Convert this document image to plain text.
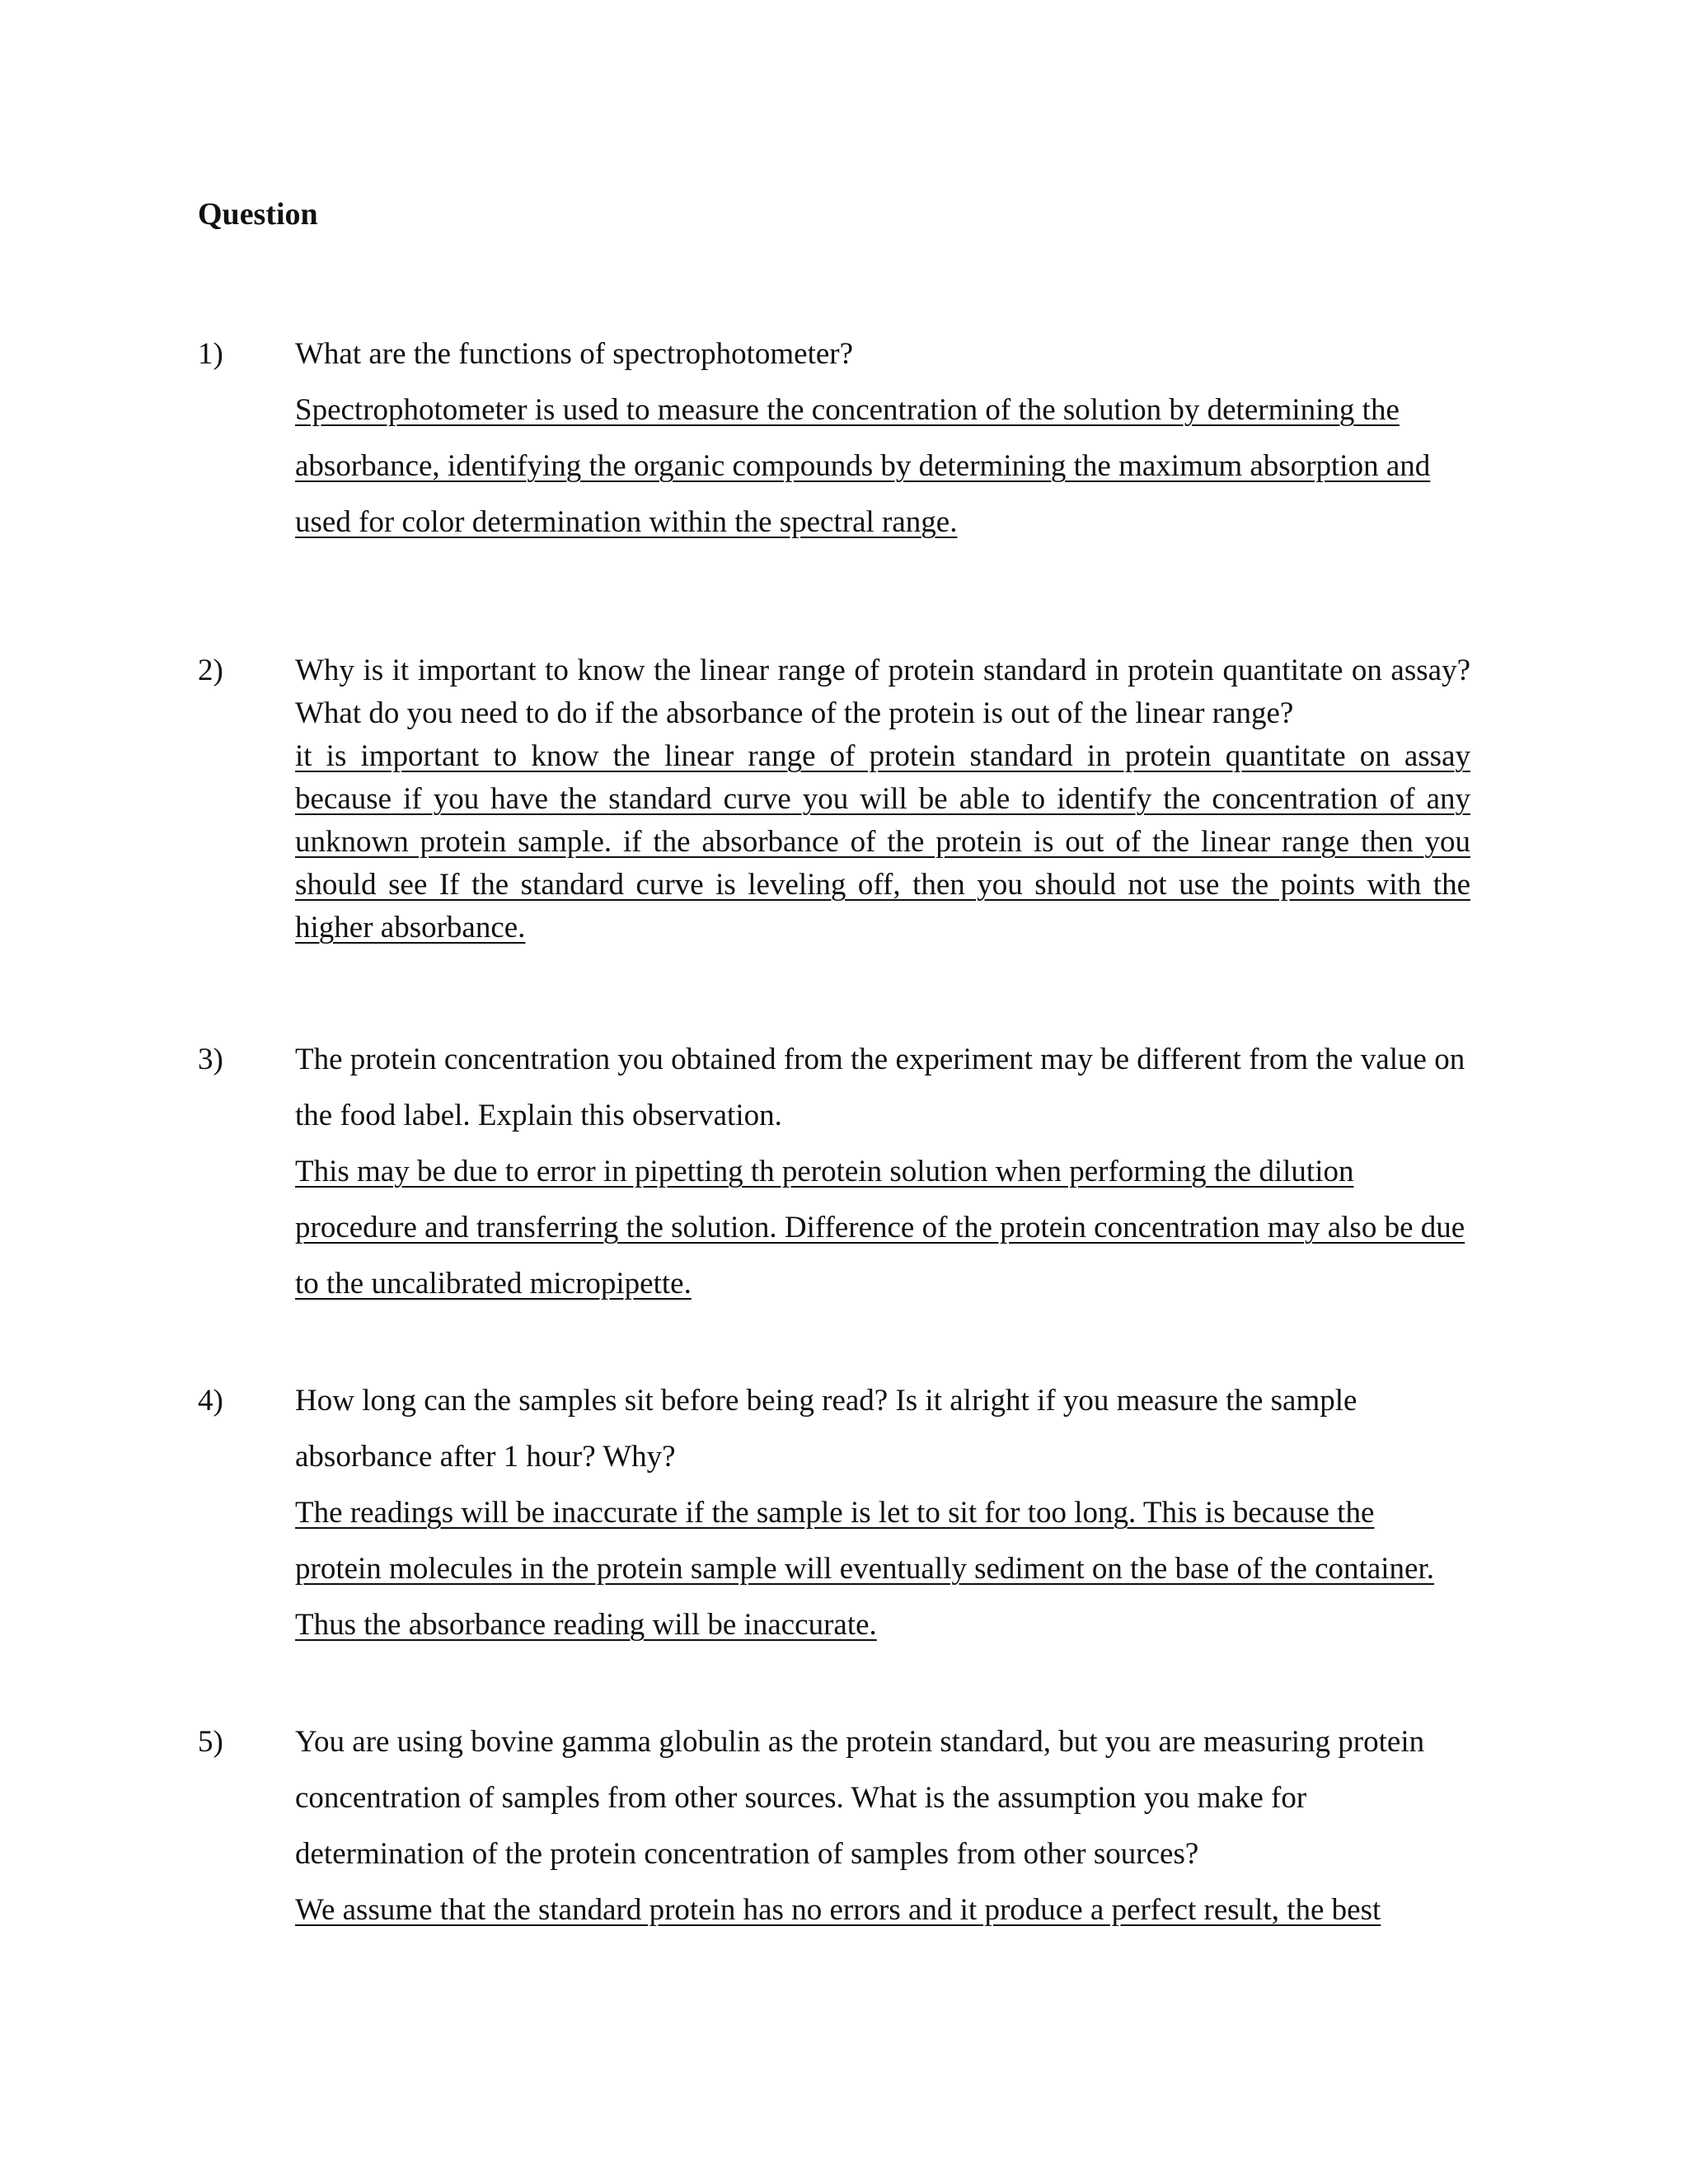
Question
1) What are the functions of spectrophotometer?

Spectrophotometer is used to measure the concentration of the solution by determining the absorbance, identifying the organic compounds by determining the maximum absorption and used for color determination within the spectral range.

2) Why is it important to know the linear range of protein standard in protein quantitate on assay? What do you need to do if the absorbance of the protein is out of the linear range?

it is important to know the linear range of protein standard in protein quantitate on assay because if you have the standard curve you will be able to identify the concentration of any unknown protein sample. if the absorbance of the protein is out of the linear range then you should see If the standard curve is leveling off, then you should not use the points with the higher absorbance.

3) The protein concentration you obtained from the experiment may be different from the value on the food label. Explain this observation.

This may be due to error in pipetting th perotein solution when performing the dilution procedure and transferring the solution. Difference of the protein concentration may also be due to the uncalibrated micropipette.

4) How long can the samples sit before being read? Is it alright if you measure the sample absorbance after 1 hour? Why?

The readings will be inaccurate if the sample is let to sit for too long. This is because the protein molecules in the protein sample will eventually sediment on the base of the container. Thus the absorbance reading will be inaccurate.

5) You are using bovine gamma globulin as the protein standard, but you are measuring protein concentration of samples from other sources. What is the assumption you make for determination of the protein concentration of samples from other sources?

We assume that the standard protein has no errors and it produce a perfect result, the best
